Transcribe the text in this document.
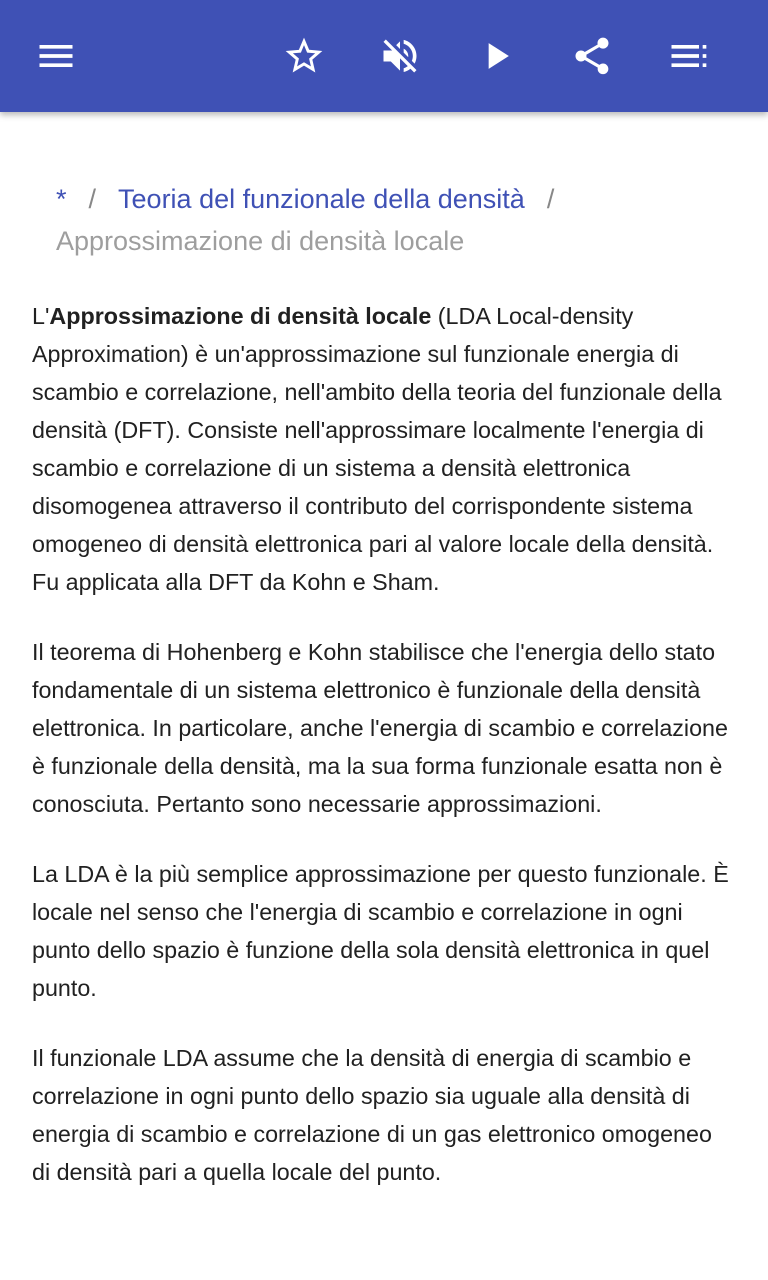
* / Teoria del funzionale della densità /
Approssimazione di densità locale

L'Approssimazione di densità locale (LDA Local-density Approximation) è un'approssimazione sul funzionale energia di scambio e correlazione, nell'ambito della teoria del funzionale della densità (DFT). Consiste nell'approssimare localmente l'energia di scambio e correlazione di un sistema a densità elettronica disomogenea attraverso il contributo del corrispondente sistema omogeneo di densità elettronica pari al valore locale della densità. Fu applicata alla DFT da Kohn e Sham.

Il teorema di Hohenberg e Kohn stabilisce che l'energia dello stato fondamentale di un sistema elettronico è funzionale della densità elettronica. In particolare, anche l'energia di scambio e correlazione è funzionale della densità, ma la sua forma funzionale esatta non è conosciuta. Pertanto sono necessarie approssimazioni.

La LDA è la più semplice approssimazione per questo funzionale. È locale nel senso che l'energia di scambio e correlazione in ogni punto dello spazio è funzione della sola densità elettronica in quel punto.

Il funzionale LDA assume che la densità di energia di scambio e correlazione in ogni punto dello spazio sia uguale alla densità di energia di scambio e correlazione di un gas elettronico omogeneo di densità pari a quella locale del punto.
